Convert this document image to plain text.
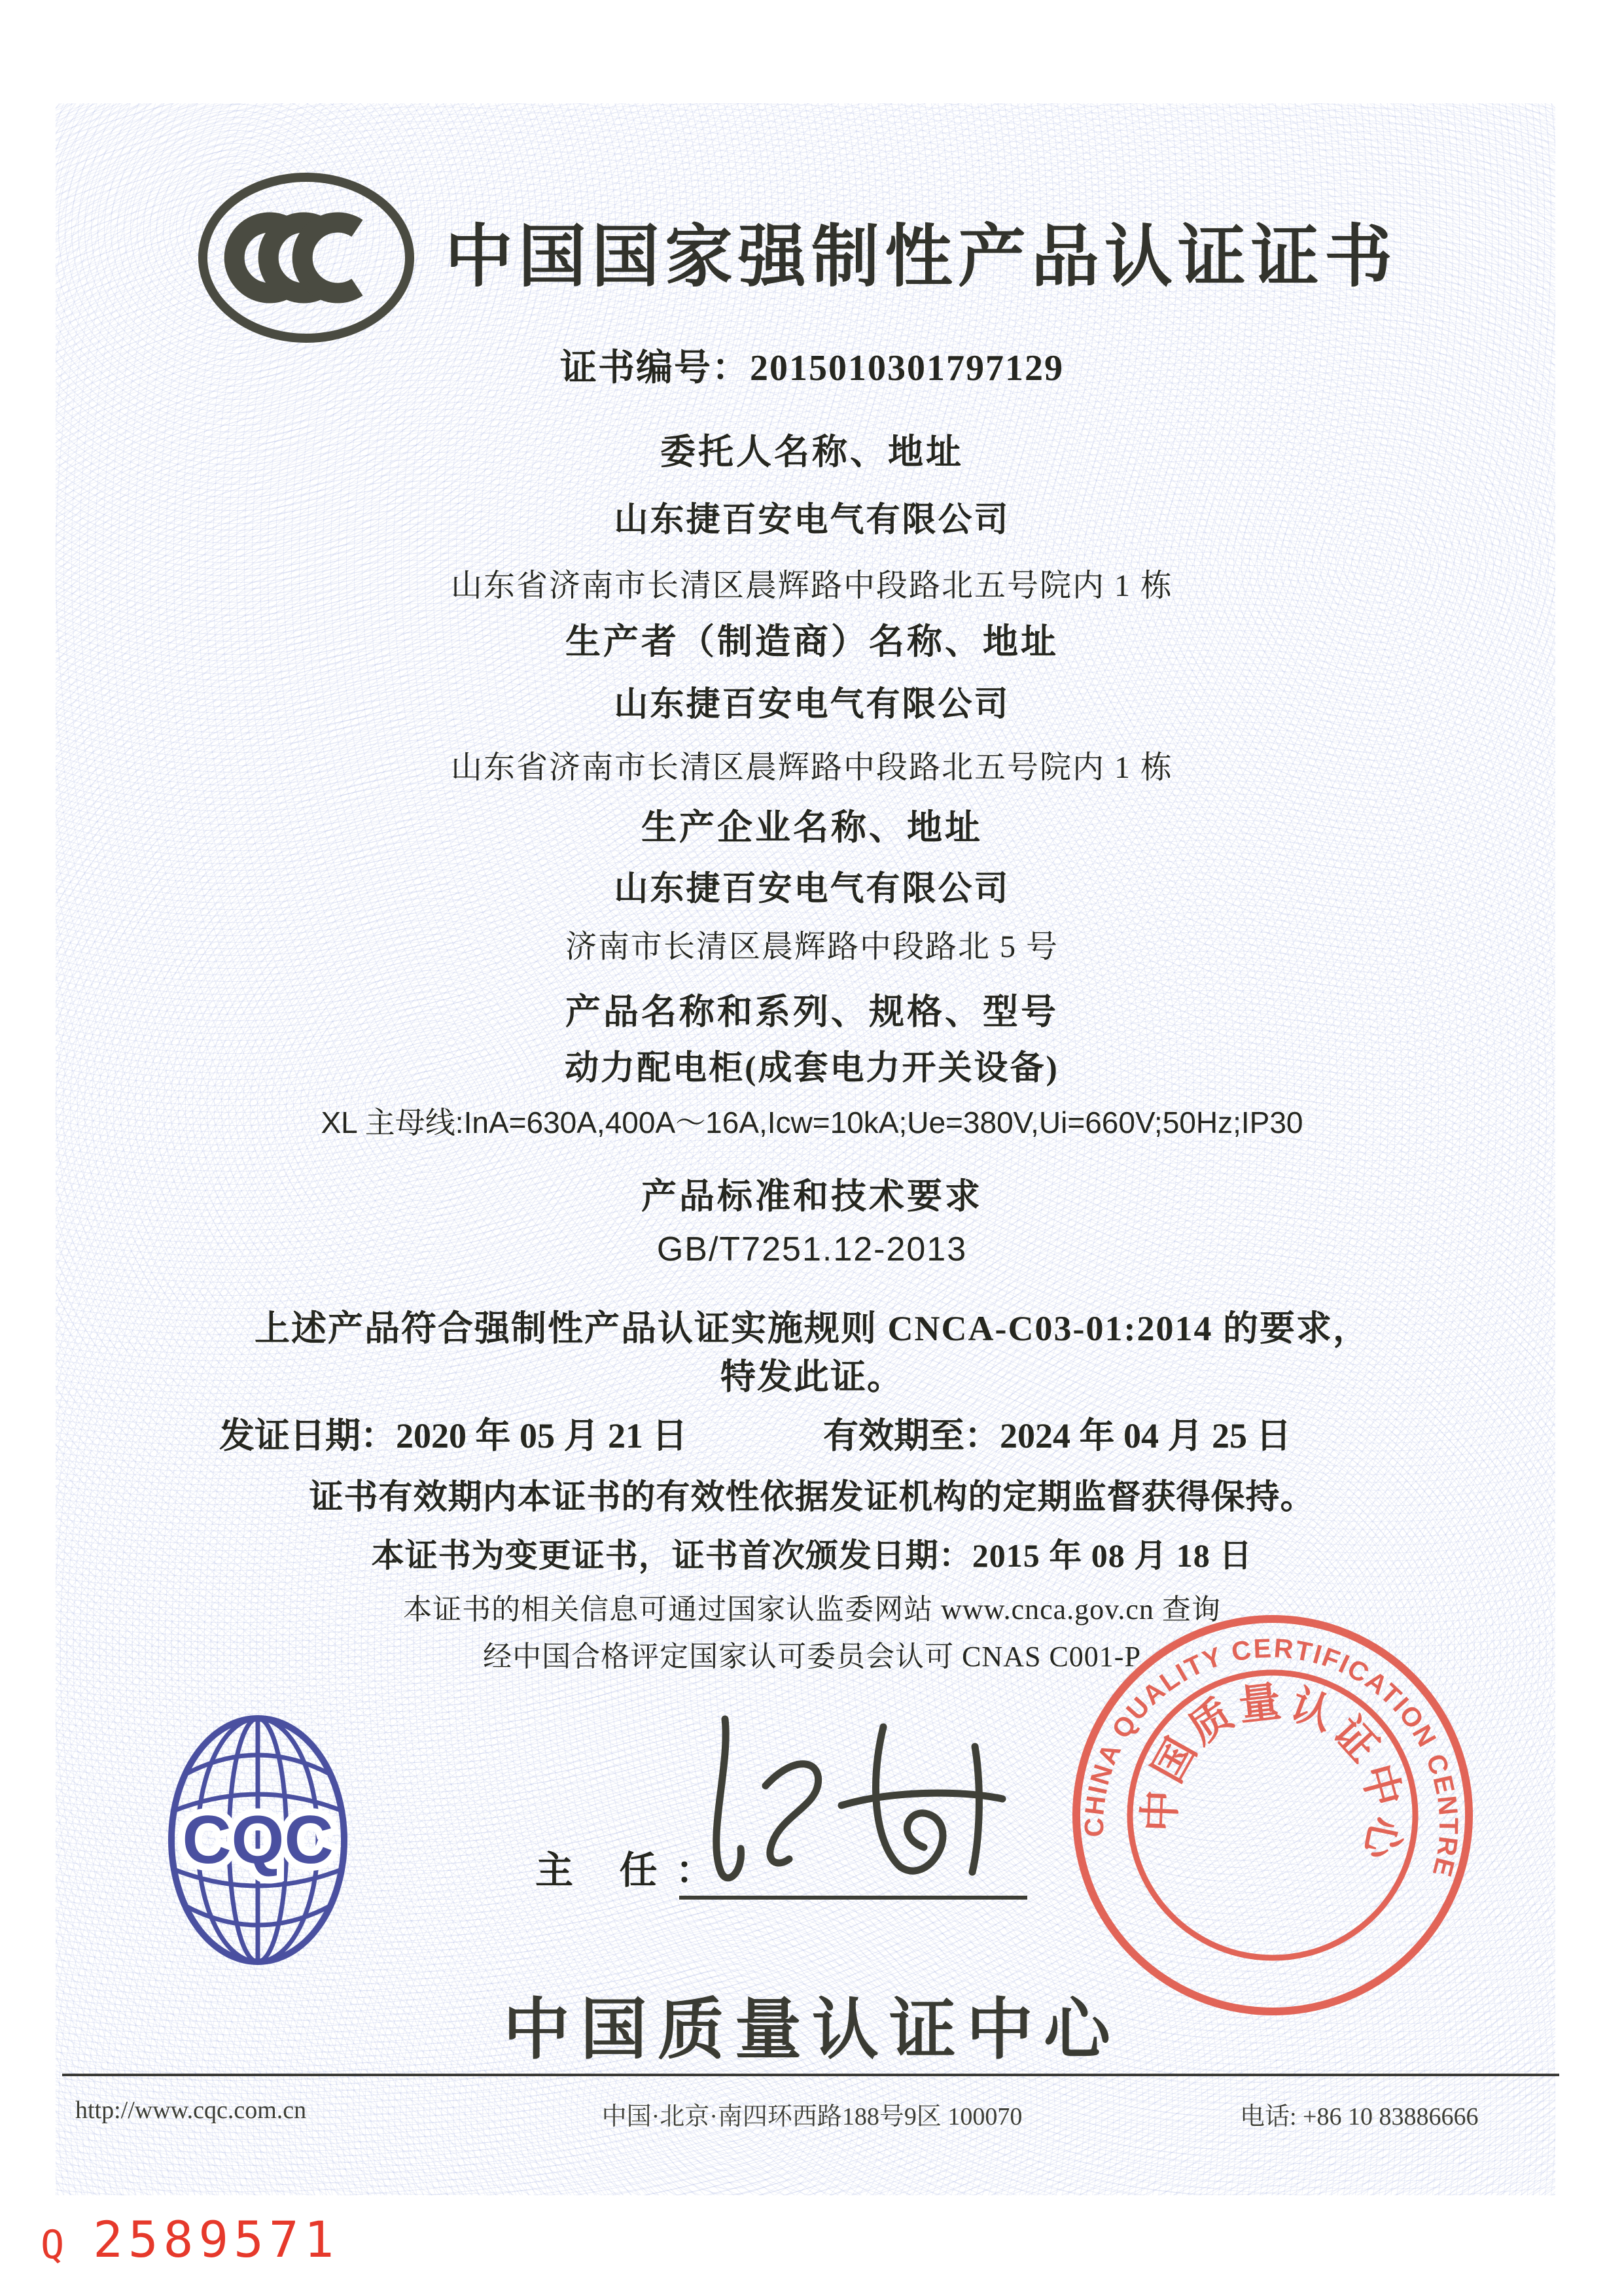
中国国家强制性产品认证证书
证书编号：2015010301797129
委托人名称、地址
山东捷百安电气有限公司
山东省济南市长清区晨辉路中段路北五号院内 1 栋
生产者（制造商）名称、地址
山东捷百安电气有限公司
山东省济南市长清区晨辉路中段路北五号院内 1 栋
生产企业名称、地址
山东捷百安电气有限公司
济南市长清区晨辉路中段路北 5 号
产品名称和系列、规格、型号
动力配电柜(成套电力开关设备)
XL 主母线:InA=630A,400A～16A,Icw=10kA;Ue=380V,Ui=660V;50Hz;IP30
产品标准和技术要求
GB/T7251.12-2013
上述产品符合强制性产品认证实施规则 CNCA-C03-01:2014 的要求，
特发此证。
发证日期：2020 年 05 月 21 日	有效期至：2024 年 04 月 25 日
证书有效期内本证书的有效性依据发证机构的定期监督获得保持。
本证书为变更证书，证书首次颁发日期：2015 年 08 月 18 日
本证书的相关信息可通过国家认监委网站 www.cnca.gov.cn 查询
经中国合格评定国家认可委员会认可 CNAS C001-P
CQC	主 任：
CHINA QUALITY CERTIFICATION CENTRE
中国质量认证中心
中国质量认证中心
http://www.cqc.com.cn	中国·北京·南四环西路188号9区 100070	电话: +86 10 83886666
Q 2589571
